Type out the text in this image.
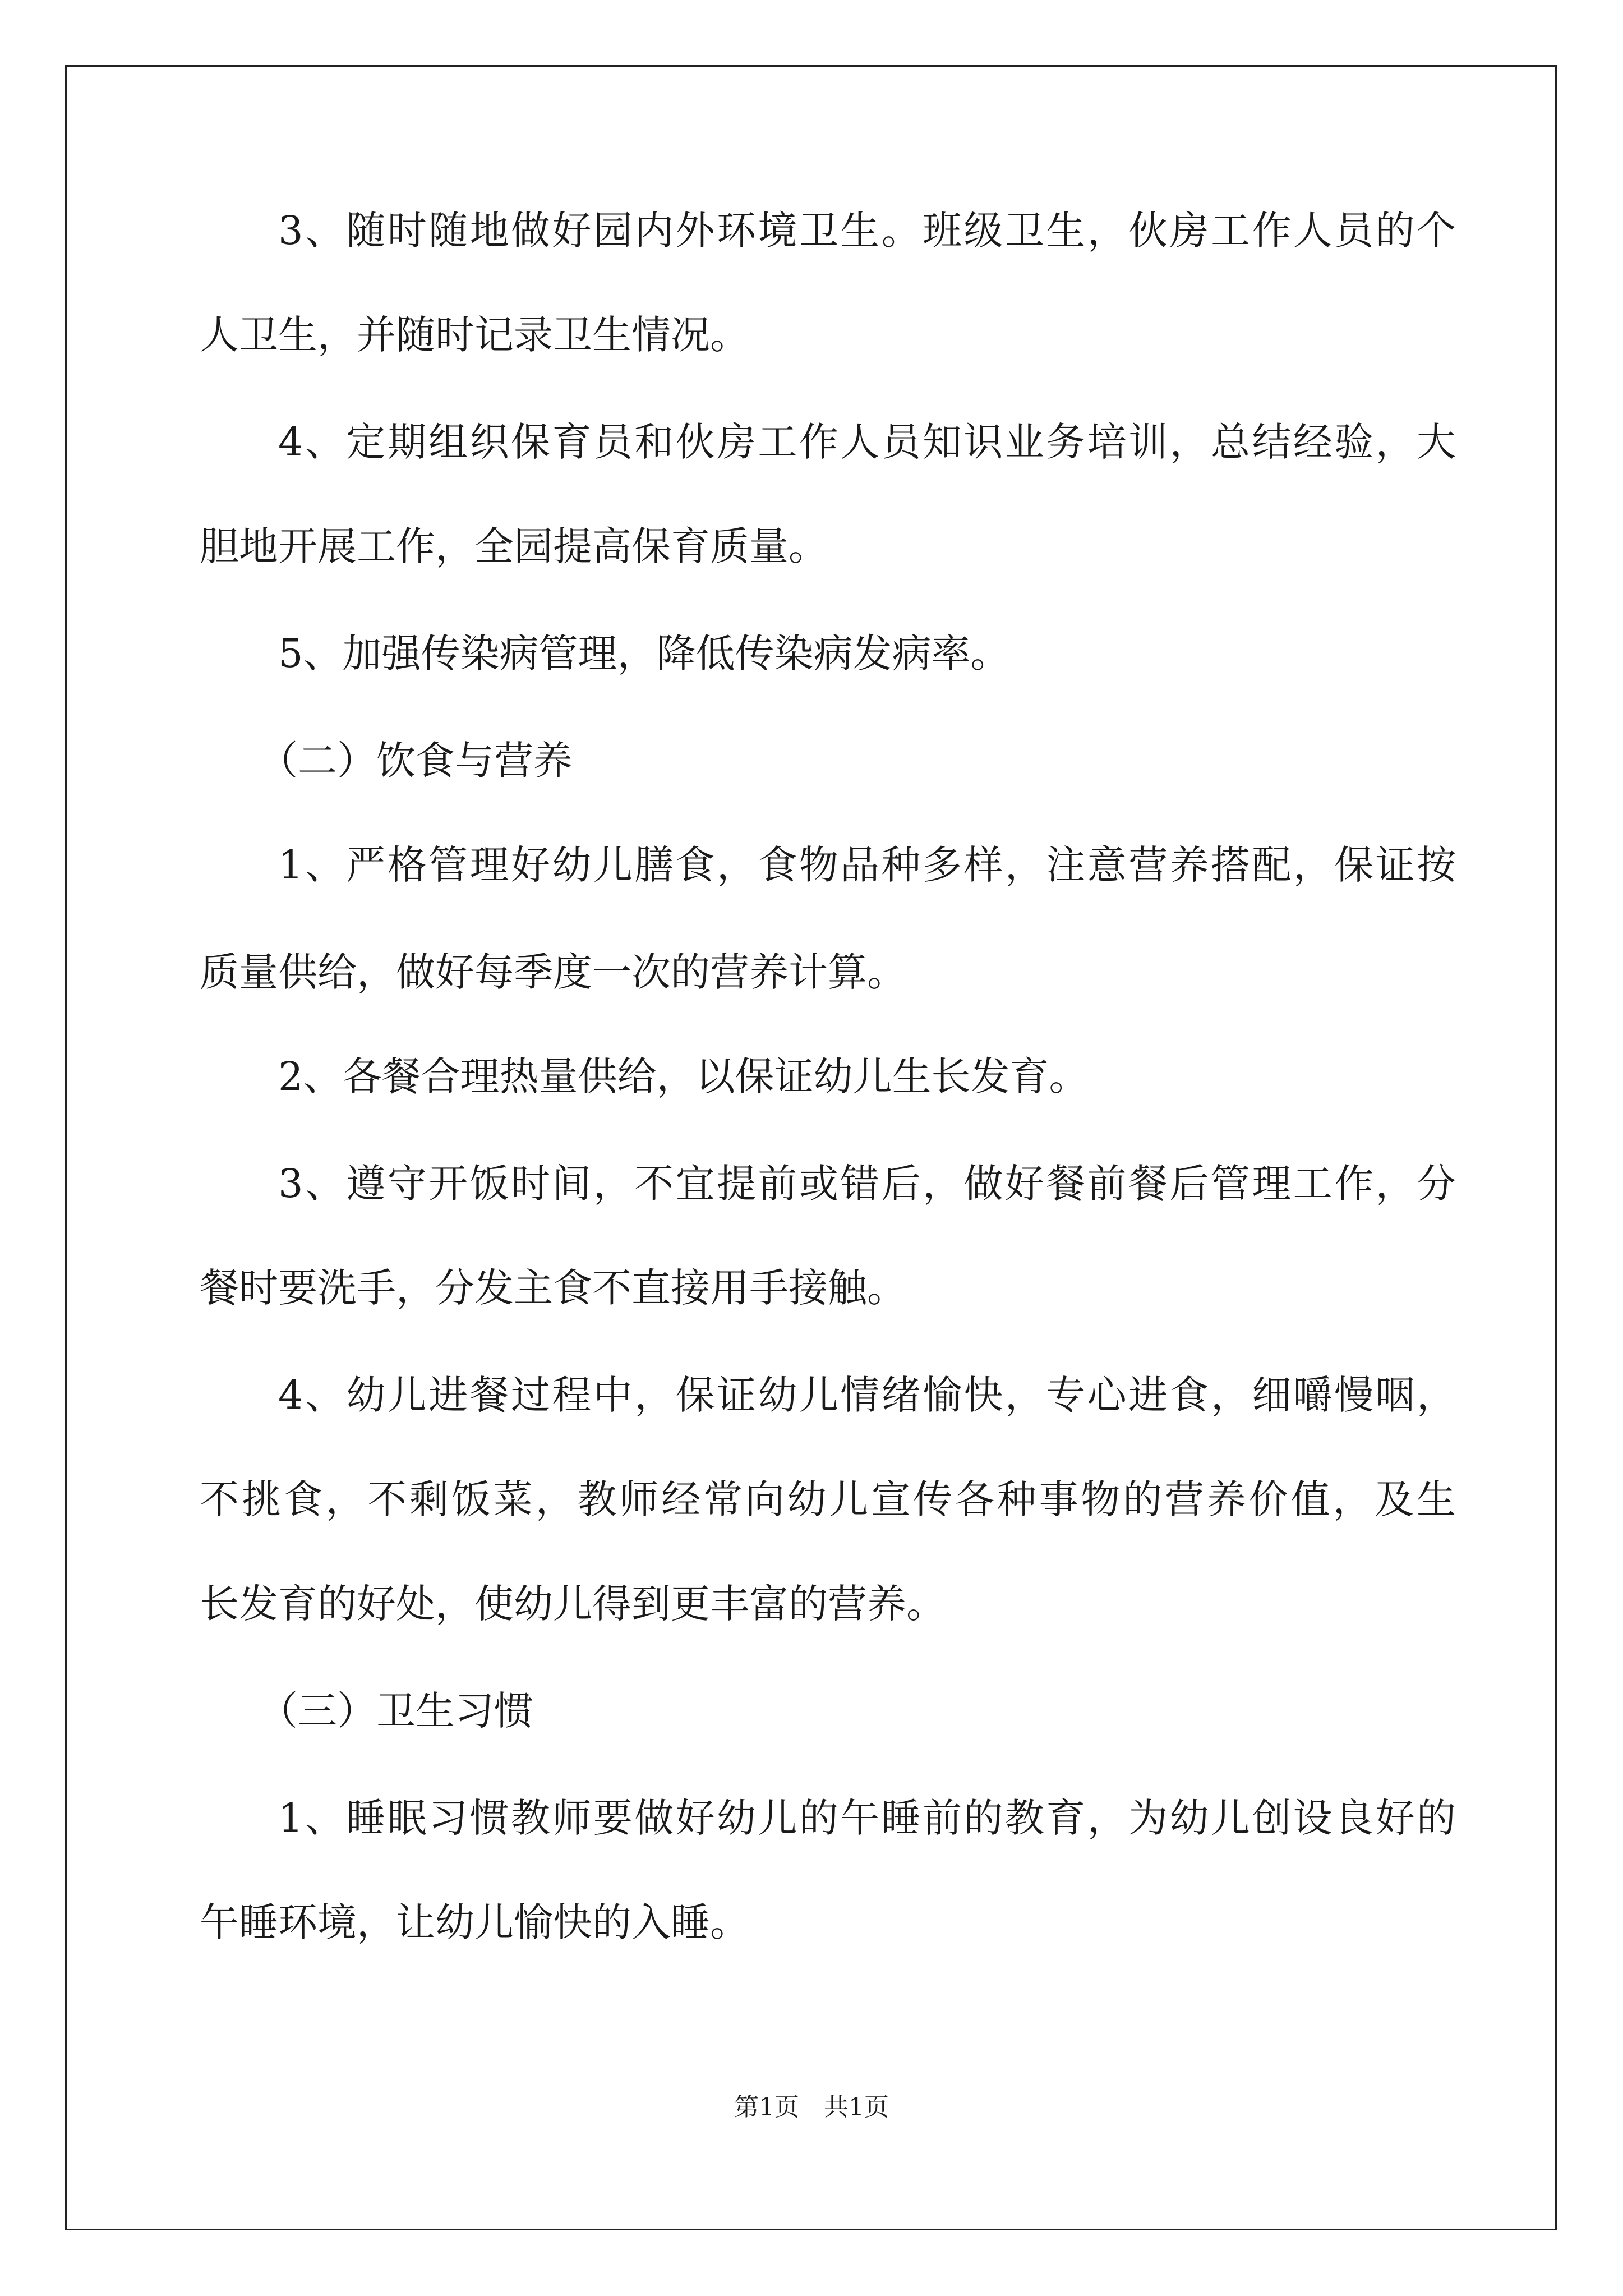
3、随时随地做好园内外环境卫生。班级卫生，伙房工作人员的个
人卫生，并随时记录卫生情况。
4、定期组织保育员和伙房工作人员知识业务培训，总结经验，大
胆地开展工作，全园提高保育质量。
5、加强传染病管理，降低传染病发病率。
（二）饮食与营养
1、严格管理好幼儿膳食，食物品种多样，注意营养搭配，保证按
质量供给，做好每季度一次的营养计算。
2、各餐合理热量供给，以保证幼儿生长发育。
3、遵守开饭时间，不宜提前或错后，做好餐前餐后管理工作，分
餐时要洗手，分发主食不直接用手接触。
4、幼儿进餐过程中，保证幼儿情绪愉快，专心进食，细嚼慢咽，
不挑食，不剩饭菜，教师经常向幼儿宣传各种事物的营养价值，及生
长发育的好处，使幼儿得到更丰富的营养。
（三）卫生习惯
1、睡眠习惯教师要做好幼儿的午睡前的教育，为幼儿创设良好的
午睡环境，让幼儿愉快的入睡。
第1页 共1页
